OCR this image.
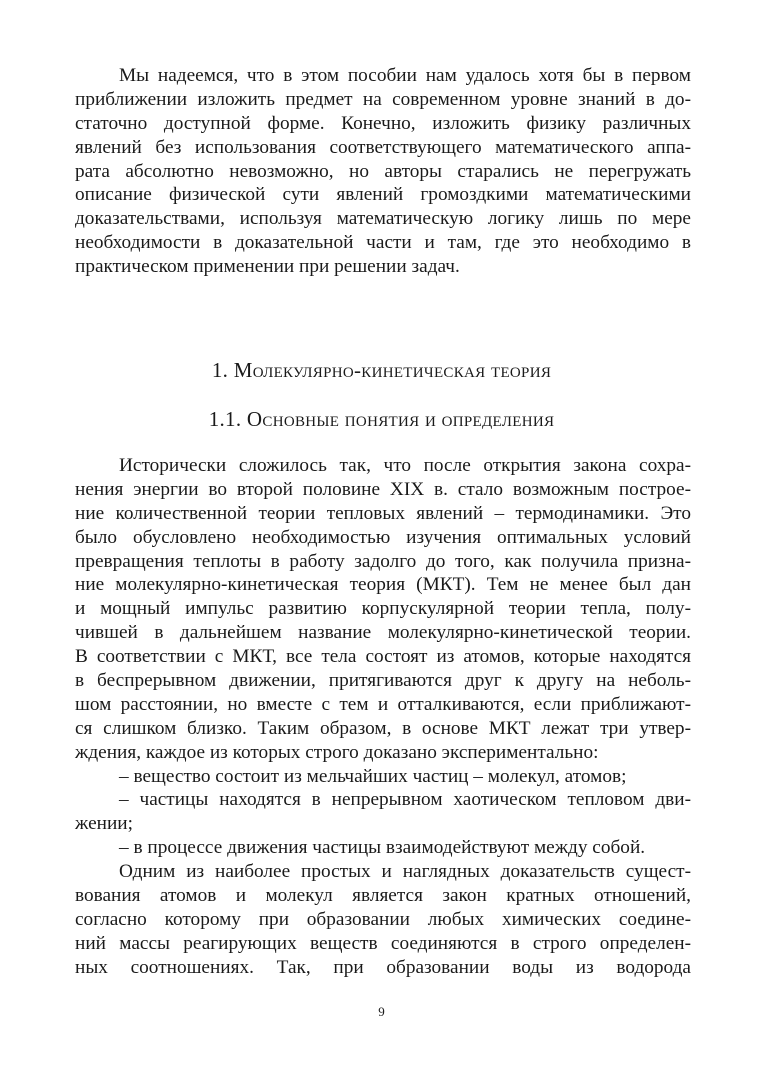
Мы надеемся, что в этом пособии нам удалось хотя бы в первом
приближении изложить предмет на современном уровне знаний в до-
статочно доступной форме. Конечно, изложить физику различных
явлений без использования соответствующего математического аппа-
рата абсолютно невозможно, но авторы старались не перегружать
описание физической сути явлений громоздкими математическими
доказательствами, используя математическую логику лишь по мере
необходимости в доказательной части и там, где это необходимо в
практическом применении при решении задач.
1. Молекулярно-кинетическая теория
1.1. Основные понятия и определения
Исторически сложилось так, что после открытия закона сохра-
нения энергии во второй половине XIX в. стало возможным построе-
ние количественной теории тепловых явлений – термодинамики. Это
было обусловлено необходимостью изучения оптимальных условий
превращения теплоты в работу задолго до того, как получила призна-
ние молекулярно-кинетическая теория (МКТ). Тем не менее был дан
и мощный импульс развитию корпускулярной теории тепла, полу-
чившей в дальнейшем название молекулярно-кинетической теории.
В соответствии с МКТ, все тела состоят из атомов, которые находятся
в беспрерывном движении, притягиваются друг к другу на неболь-
шом расстоянии, но вместе с тем и отталкиваются, если приближают-
ся слишком близко. Таким образом, в основе МКТ лежат три утвер-
ждения, каждое из которых строго доказано экспериментально:
– вещество состоит из мельчайших частиц – молекул, атомов;
– частицы находятся в непрерывном хаотическом тепловом дви-
жении;
– в процессе движения частицы взаимодействуют между собой.
Одним из наиболее простых и наглядных доказательств сущест-
вования атомов и молекул является закон кратных отношений,
согласно которому при образовании любых химических соедине-
ний массы реагирующих веществ соединяются в строго определен-
ных соотношениях. Так, при образовании воды из водорода
9
